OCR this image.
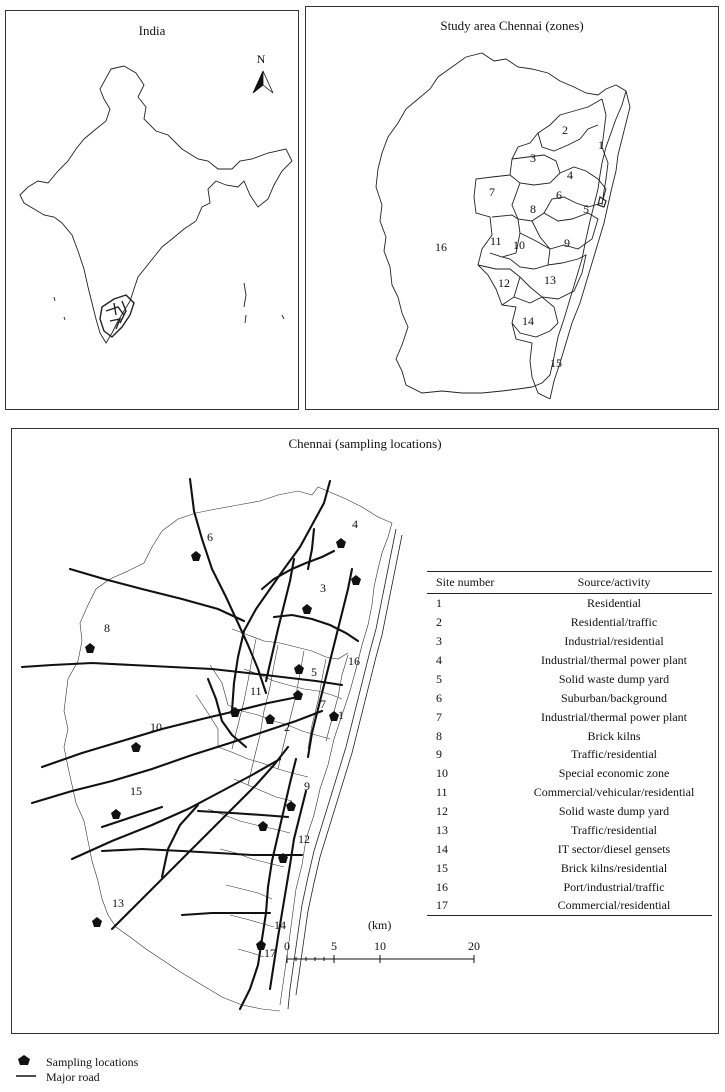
India
N
Study area Chennai (zones)
1
2
3
4
5
6
7
8
9
10
11
12	13
14
15
16
Chennai (sampling locations)
1
3
4
5
6
7
8
9
10
12
13
14
15
16
17
2
11
(km)
0	5	10	20
Site number	Source/activity
1	Residential
2	Residential/traffic
3	Industrial/residential
4	Industrial/thermal power plant
5	Solid waste dump yard
6	Suburban/background
7	Industrial/thermal power plant
8	Brick kilns
9	Traffic/residential
10	Special economic zone
11	Commercial/vehicular/residential
12	Solid waste dump yard
13	Traffic/residential
14	IT sector/diesel gensets
15	Brick kilns/residential
16	Port/industrial/traffic
17	Commercial/residential
Sampling locations
Major road
